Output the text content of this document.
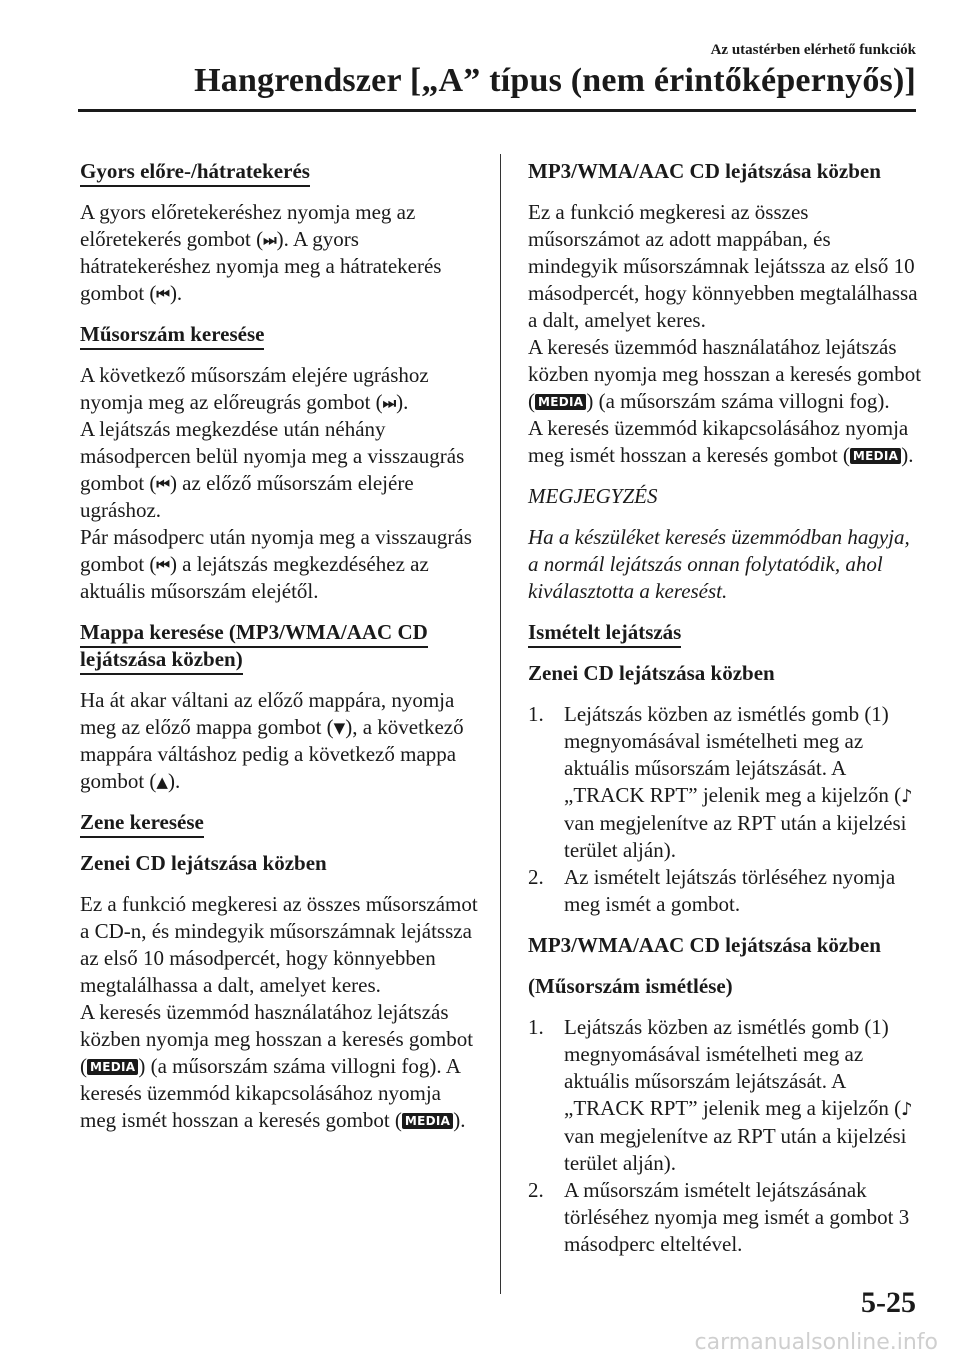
Az utastérben elérhető funkciók
Hangrendszer [„A” típus (nem érintőképernyős)]
Gyors előre-/hátratekerés

A gyors előretekeréshez nyomja meg az előretekerés gombot (⏭). A gyors hátratekeréshez nyomja meg a hátratekerés gombot (⏮).

Műsorszám keresése

A következő műsorszám elejére ugráshoz nyomja meg az előreugrás gombot (⏭).

A lejátszás megkezdése után néhány másodpercen belül nyomja meg a visszaugrás gombot (⏮) az előző műsorszám elejére ugráshoz.

Pár másodperc után nyomja meg a visszaugrás gombot (⏮) a lejátszás megkezdéséhez az aktuális műsorszám elejétől.

Mappa keresése (MP3/WMA/AAC CD
lejátszása közben)

Ha át akar váltani az előző mappára, nyomja meg az előző mappa gombot (▼), a következő mappára váltáshoz pedig a következő mappa gombot (▲).

Zene keresése
Zenei CD lejátszása közben

Ez a funkció megkeresi az összes műsorszámot a CD-n, és mindegyik műsorszámnak lejátssza az első 10 másodpercét, hogy könnyebben megtalálhassa a dalt, amelyet keres.

A keresés üzemmód használatához lejátszás közben nyomja meg hosszan a keresés gombot ( MEDIA ) (a műsorszám száma villogni fog). A keresés üzemmód kikapcsolásához nyomja meg ismét hosszan a keresés gombot ( MEDIA ).

MP3/WMA/AAC CD lejátszása közben

Ez a funkció megkeresi az összes műsorszámot az adott mappában, és mindegyik műsorszámnak lejátssza az első 10 másodpercét, hogy könnyebben megtalálhassa a dalt, amelyet keres.

A keresés üzemmód használatához lejátszás közben nyomja meg hosszan a keresés gombot ( MEDIA ) (a műsorszám száma villogni fog).

A keresés üzemmód kikapcsolásához nyomja meg ismét hosszan a keresés gombot ( MEDIA ).

MEGJEGYZÉS

Ha a készüléket keresés üzemmódban hagyja, a normál lejátszás onnan folytatódik, ahol kiválasztotta a keresést.

Ismételt lejátszás
Zenei CD lejátszása közben
1. Lejátszás közben az ismétlés gomb (1) megnyomásával ismételheti meg az aktuális műsorszám lejátszását. A „TRACK RPT” jelenik meg a kijelzőn (♪ van megjelenítve az RPT után a kijelzési terület alján).
2. Az ismételt lejátszás törléséhez nyomja meg ismét a gombot.
MP3/WMA/AAC CD lejátszása közben
(Műsorszám ismétlése)
1. Lejátszás közben az ismétlés gomb (1) megnyomásával ismételheti meg az aktuális műsorszám lejátszását. A „TRACK RPT” jelenik meg a kijelzőn (♪ van megjelenítve az RPT után a kijelzési terület alján).
2. A műsorszám ismételt lejátszásának törléséhez nyomja meg ismét a gombot 3 másodperc elteltével.
5-25
carmanualsonline.info
